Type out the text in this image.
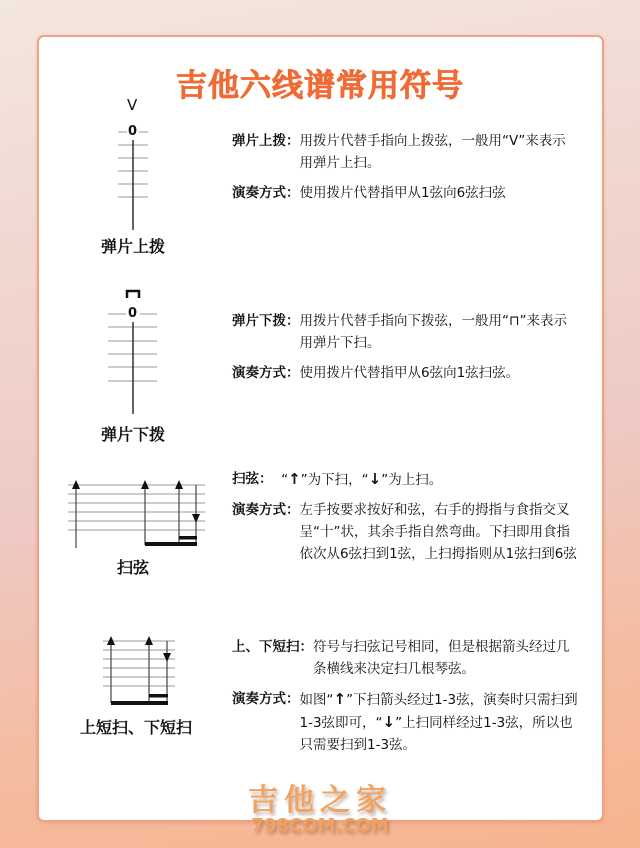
吉他六线谱常用符号
V
0
弹片上拨
弹片上拨： 用拨片代替手指向上拨弦，一般用“V”来表示用弹片上扫。
演奏方式： 使用拨片代替指甲从1弦向6弦扫弦
0
弹片下拨
弹片下拨： 用拨片代替手指向下拨弦，一般用“⊓”来表示用弹片下扫。
演奏方式： 使用拨片代替指甲从6弦向1弦扫弦。
扫弦
扫弦： “↑”为下扫，“↓”为上扫。
演奏方式： 左手按要求按好和弦，右手的拇指与食指交叉呈“十”状，其余手指自然弯曲。下扫即用食指依次从6弦扫到1弦，上扫拇指则从1弦扫到6弦
上短扫、下短扫
上、下短扫： 符号与扫弦记号相同，但是根据箭头经过几条横线来决定扫几根琴弦。
演奏方式： 如图“↑”下扫箭头经过1-3弦，演奏时只需扫到1-3弦即可，“↓”上扫同样经过1-3弦，所以也只需要扫到1-3弦。
吉他之家
798COM.COM
